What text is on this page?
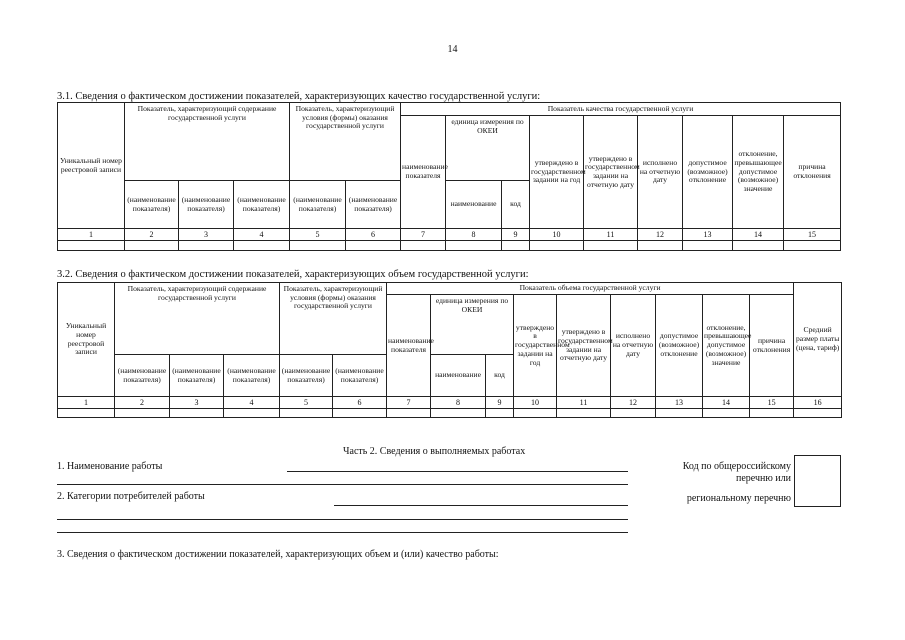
14
3.1. Сведения о фактическом достижении показателей, характеризующих качество государственной услуги:
Уникальный номер реестровой записи	Показатель, характеризующий содержание государственной услуги			Показатель, характеризующий условия (формы) оказания государственной услуги		Показатель качества государственной услуги								
						наименование показателя	единица измерения по ОКЕИ		утверждено в государственном задании на год	утверждено в государственном задании на отчетную дату	исполнено на отчетную дату	допустимое (возможное) отклонение	отклонение, превышающее допустимое (возможное) значение	причина отклонения
	(наименование показателя)	(наименование показателя)	(наименование показателя)	(наименование показателя)	(наименование показателя)		наименование	код						
1	2	3	4	5	6	7	8	9	10	11	12	13	14	15

3.2. Сведения о фактическом достижении показателей, характеризующих объем государственной услуги:
Уникальный номер реестровой записи	Показатель, характеризующий содержание государственной услуги			Показатель, характеризующий условия (формы) оказания государственной услуги		Показатель объема государственной услуги									Средний размер платы (цена, тариф)
						наименование показателя	единица измерения по ОКЕИ		утверждено в государственном задании на год	утверждено в государственном задании на отчетную дату	исполнено на отчетную дату	допустимое (возможное) отклонение	отклонение, превышающее допустимое (возможное) значение	причина отклонения	
	(наименование показателя)	(наименование показателя)	(наименование показателя)	(наименование показателя)	(наименование показателя)		наименование	код							
1	2	3	4	5	6	7	8	9	10	11	12	13	14	15	16

Часть 2. Сведения о выполняемых работах
1. Наименование работы
2. Категории потребителей работы
Код по общероссийскому
перечню или
региональному перечню
3. Сведения о фактическом достижении показателей, характеризующих объем и (или) качество работы:
